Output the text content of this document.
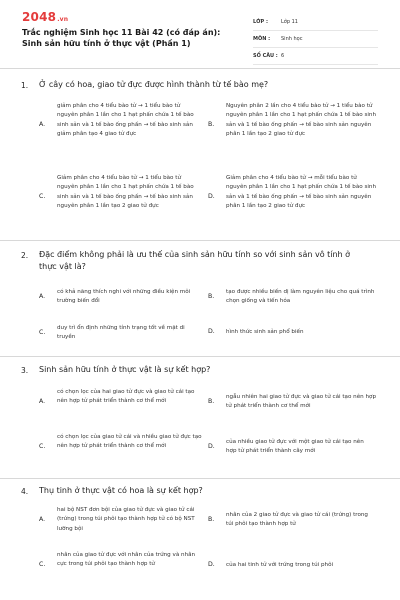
2048.vn
Trắc nghiệm Sinh học 11 Bài 42 (có đáp án): Sinh sản hữu tính ở thực vật (Phần 1)
LỚP :	Lớp 11
MÔN :	Sinh học
SỐ CÂU : 6
1. Ở cây có hoa, giao tử đực được hình thành từ tế bào mẹ?
A.
giảm phân cho 4 tiểu bào tử → 1 tiểu bào tử nguyên phân 1 lần cho 1 hạt phấn chứa 1 tế bào sinh sản và 1 tế bào ống phấn → tế bào sinh sản giảm phân tạo 4 giao tử đực
B.
Nguyên phân 2 lần cho 4 tiểu bào tử → 1 tiểu bào tử nguyên phân 1 lần cho 1 hạt phấn chứa 1 tế bào sinh sản và 1 tế bào ống phấn → tế bào sinh sản nguyên phân 1 lần tạo 2 giao tử đực
C.
Giảm phân cho 4 tiểu bào tử → 1 tiểu bào tử nguyên phân 1 lần cho 1 hạt phấn chứa 1 tế bào sinh sản và 1 tế bào ống phấn → tế bào sinh sản nguyên phân 1 lần tạo 2 giao tử đực
D.
Giảm phân cho 4 tiểu bào tử → mỗi tiểu bào tử nguyên phân 1 lần cho 1 hạt phấn chứa 1 tế bào sinh sản và 1 tế bào ống phấn → tế bào sinh sản nguyên phân 1 lần tạo 2 giao tử đực
2. Đặc điểm không phải là ưu thế của sinh sản hữu tính so với sinh sản vô tính ở thực vật là?
A.
có khả năng thích nghi với những điều kiện môi trường biến đổi
B.
tạo được nhiều biến dị làm nguyên liệu cho quá trình chọn giống và tiến hóa
C.
duy trì ổn định những tính trạng tốt về mặt di truyền
D. hình thức sinh sản phổ biến
3. Sinh sản hữu tính ở thực vật là sự kết hợp?
A.
có chọn lọc của hai giao tử đực và giao tử cái tạo nên hợp tử phát triển thành cơ thể mới	B.
ngẫu nhiên hai giao tử đực và giao tử cái tạo nên hợp tử phát triển thành cơ thể mới
C.
có chọn lọc của giao tử cái và nhiều giao tử đực tạo nên hợp tử phát triển thành cơ thể mới	D.
của nhiều giao tử đực với một giao tử cái tạo nên hợp tử phát triển thành cây mới
4. Thụ tinh ở thực vật có hoa là sự kết hợp?
A.
hai bộ NST đơn bội của giao tử đực và giao tử cái (trứng) trong túi phôi tạo thành hợp tử có bộ NST lưỡng bội
B.
nhân của 2 giao tử đực và giao tử cái (trứng) trong túi phôi tạo thành hợp tử
C.
nhân của giao tử đực với nhân của trứng và nhân cực trong túi phôi tạo thành hợp tử	D. của hai tinh tử với trứng trong túi phôi
